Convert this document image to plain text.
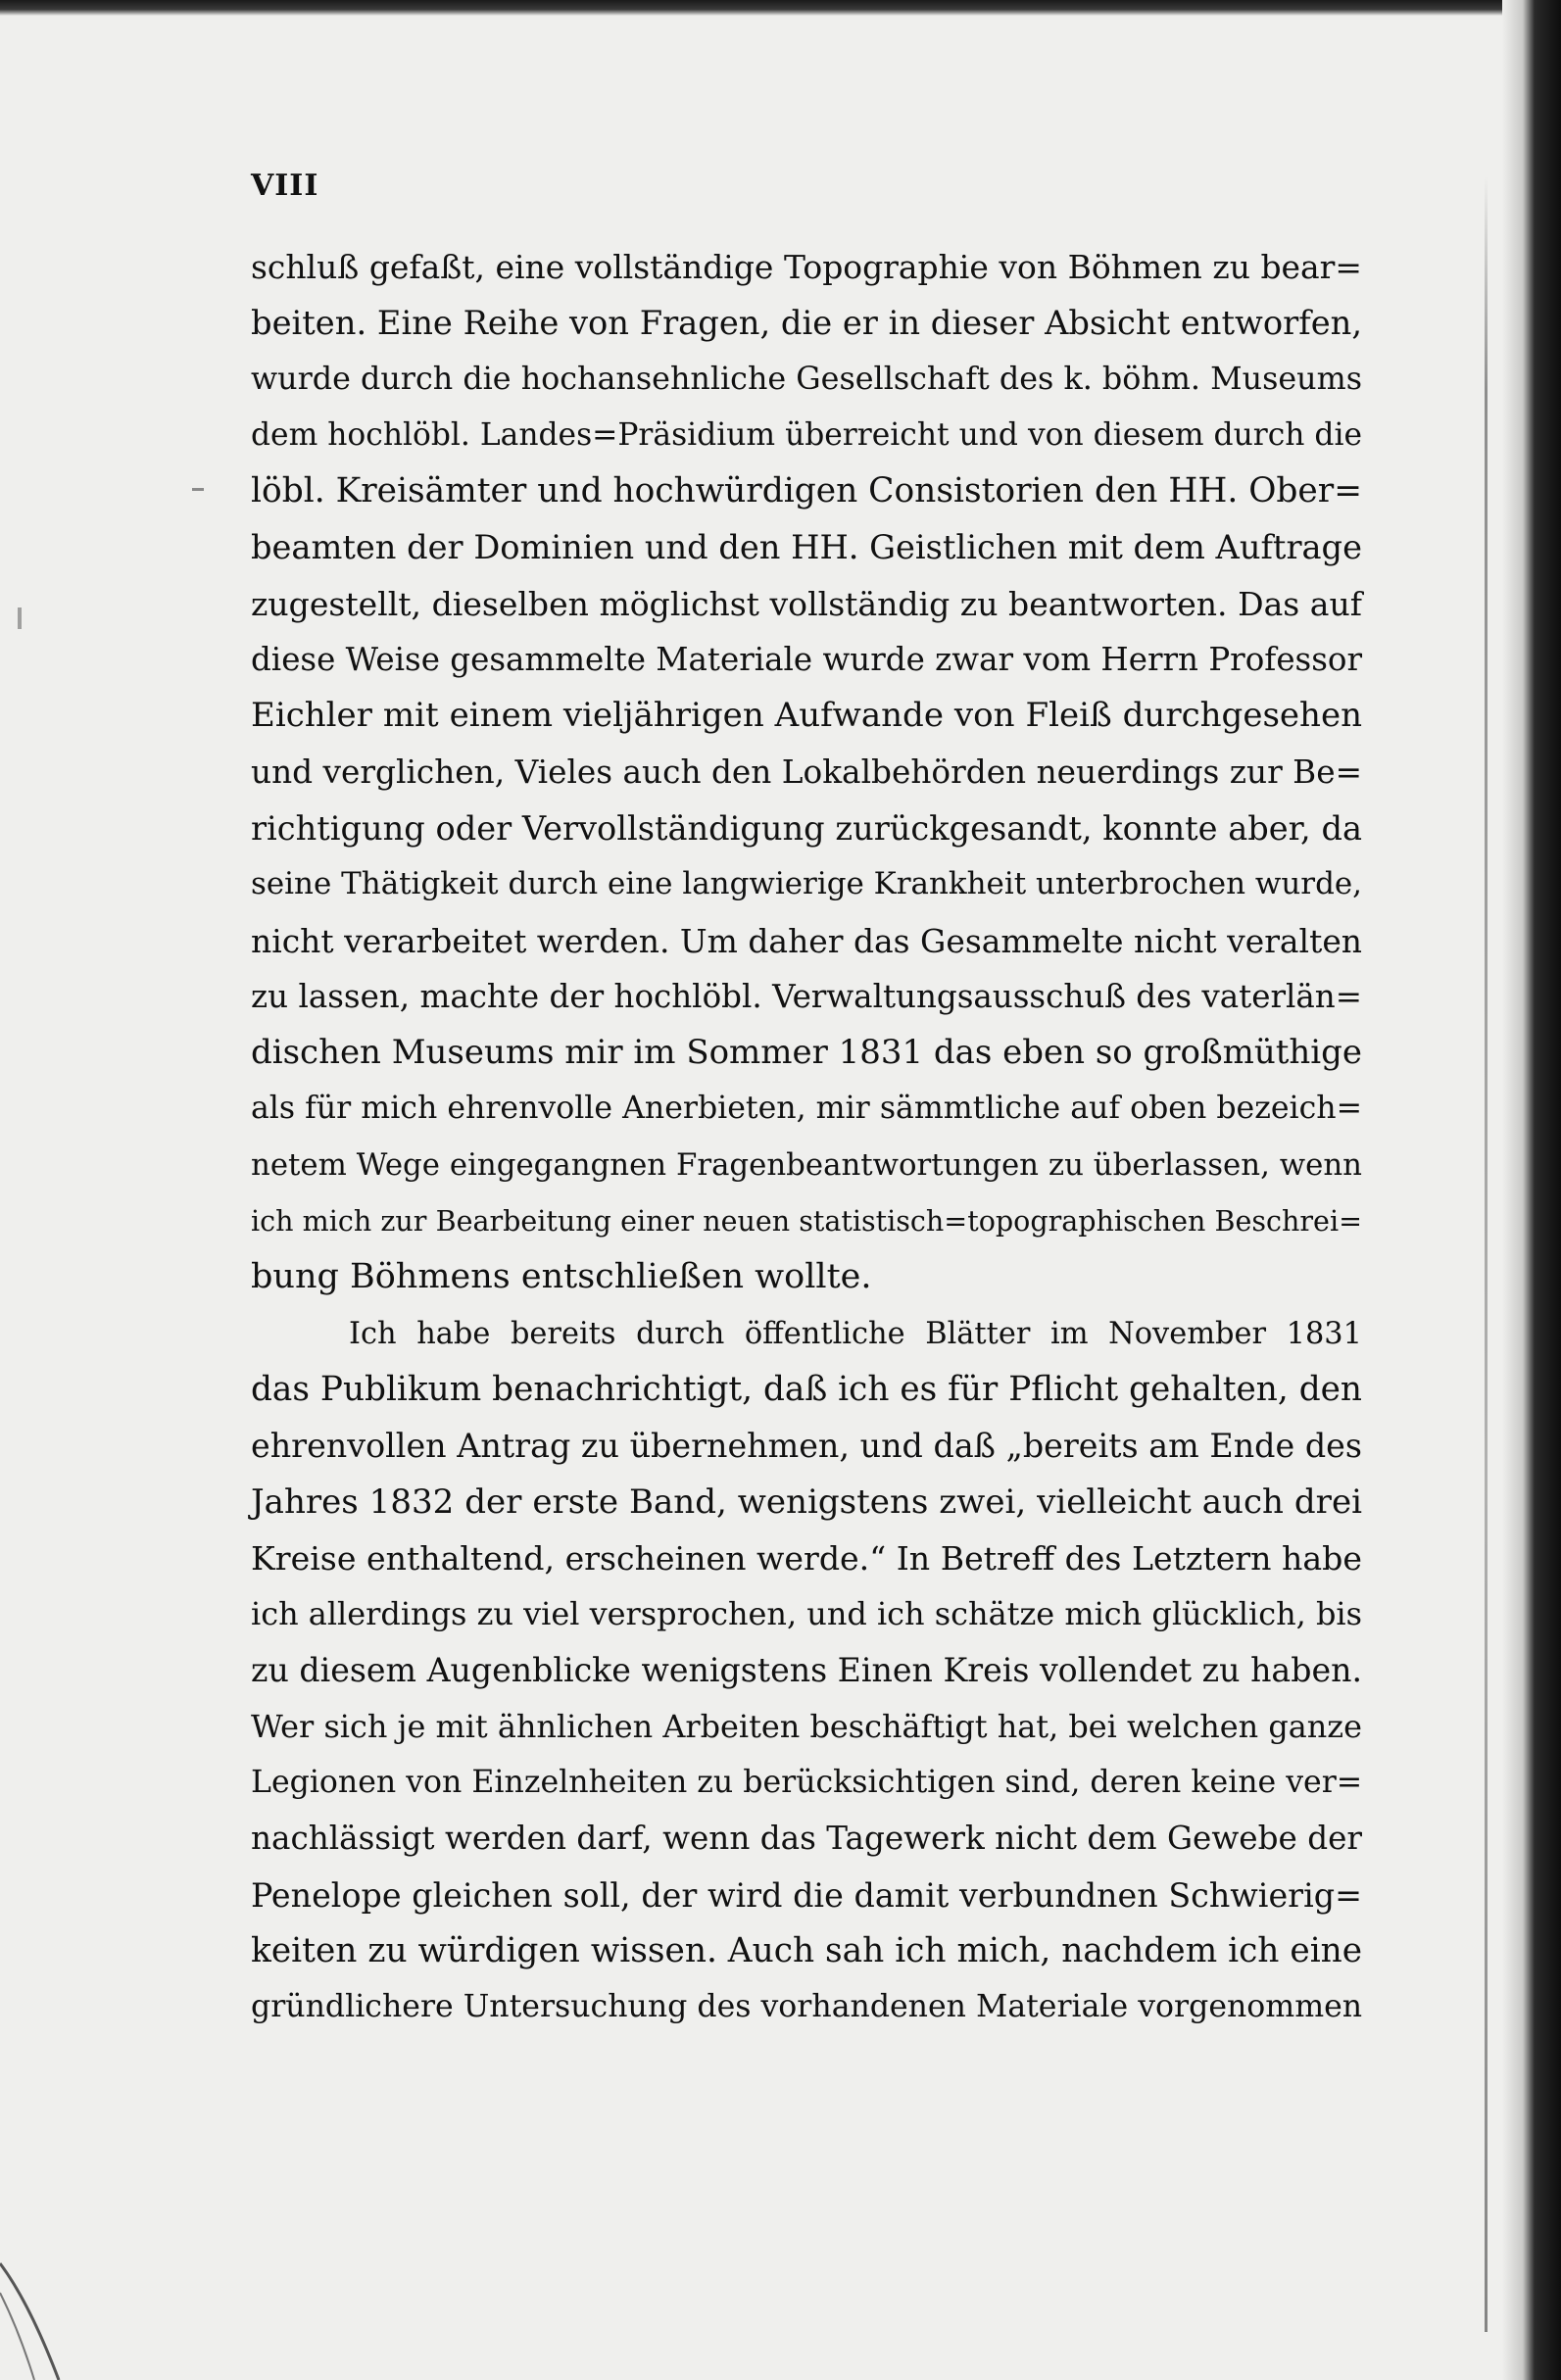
VIII
schluß gefaßt, eine vollständige Topographie von Böhmen zu bear=
beiten. Eine Reihe von Fragen, die er in dieser Absicht entworfen,
wurde durch die hochansehnliche Gesellschaft des k. böhm. Museums
dem hochlöbl. Landes=Präsidium überreicht und von diesem durch die
löbl. Kreisämter und hochwürdigen Consistorien den HH. Ober=
beamten der Dominien und den HH. Geistlichen mit dem Auftrage
zugestellt, dieselben möglichst vollständig zu beantworten. Das auf
diese Weise gesammelte Materiale wurde zwar vom Herrn Professor
Eichler mit einem vieljährigen Aufwande von Fleiß durchgesehen
und verglichen, Vieles auch den Lokalbehörden neuerdings zur Be=
richtigung oder Vervollständigung zurückgesandt, konnte aber, da
seine Thätigkeit durch eine langwierige Krankheit unterbrochen wurde,
nicht verarbeitet werden. Um daher das Gesammelte nicht veralten
zu lassen, machte der hochlöbl. Verwaltungsausschuß des vaterlän=
dischen Museums mir im Sommer 1831 das eben so großmüthige
als für mich ehrenvolle Anerbieten, mir sämmtliche auf oben bezeich=
netem Wege eingegangnen Fragenbeantwortungen zu überlassen, wenn
ich mich zur Bearbeitung einer neuen statistisch=topographischen Beschrei=
bung Böhmens entschließen wollte.
Ich habe bereits durch öffentliche Blätter im November 1831
das Publikum benachrichtigt, daß ich es für Pflicht gehalten, den
ehrenvollen Antrag zu übernehmen, und daß „bereits am Ende des
Jahres 1832 der erste Band, wenigstens zwei, vielleicht auch drei
Kreise enthaltend, erscheinen werde.“ In Betreff des Letztern habe
ich allerdings zu viel versprochen, und ich schätze mich glücklich, bis
zu diesem Augenblicke wenigstens Einen Kreis vollendet zu haben.
Wer sich je mit ähnlichen Arbeiten beschäftigt hat, bei welchen ganze
Legionen von Einzelnheiten zu berücksichtigen sind, deren keine ver=
nachlässigt werden darf, wenn das Tagewerk nicht dem Gewebe der
Penelope gleichen soll, der wird die damit verbundnen Schwierig=
keiten zu würdigen wissen. Auch sah ich mich, nachdem ich eine
gründlichere Untersuchung des vorhandenen Materiale vorgenommen
